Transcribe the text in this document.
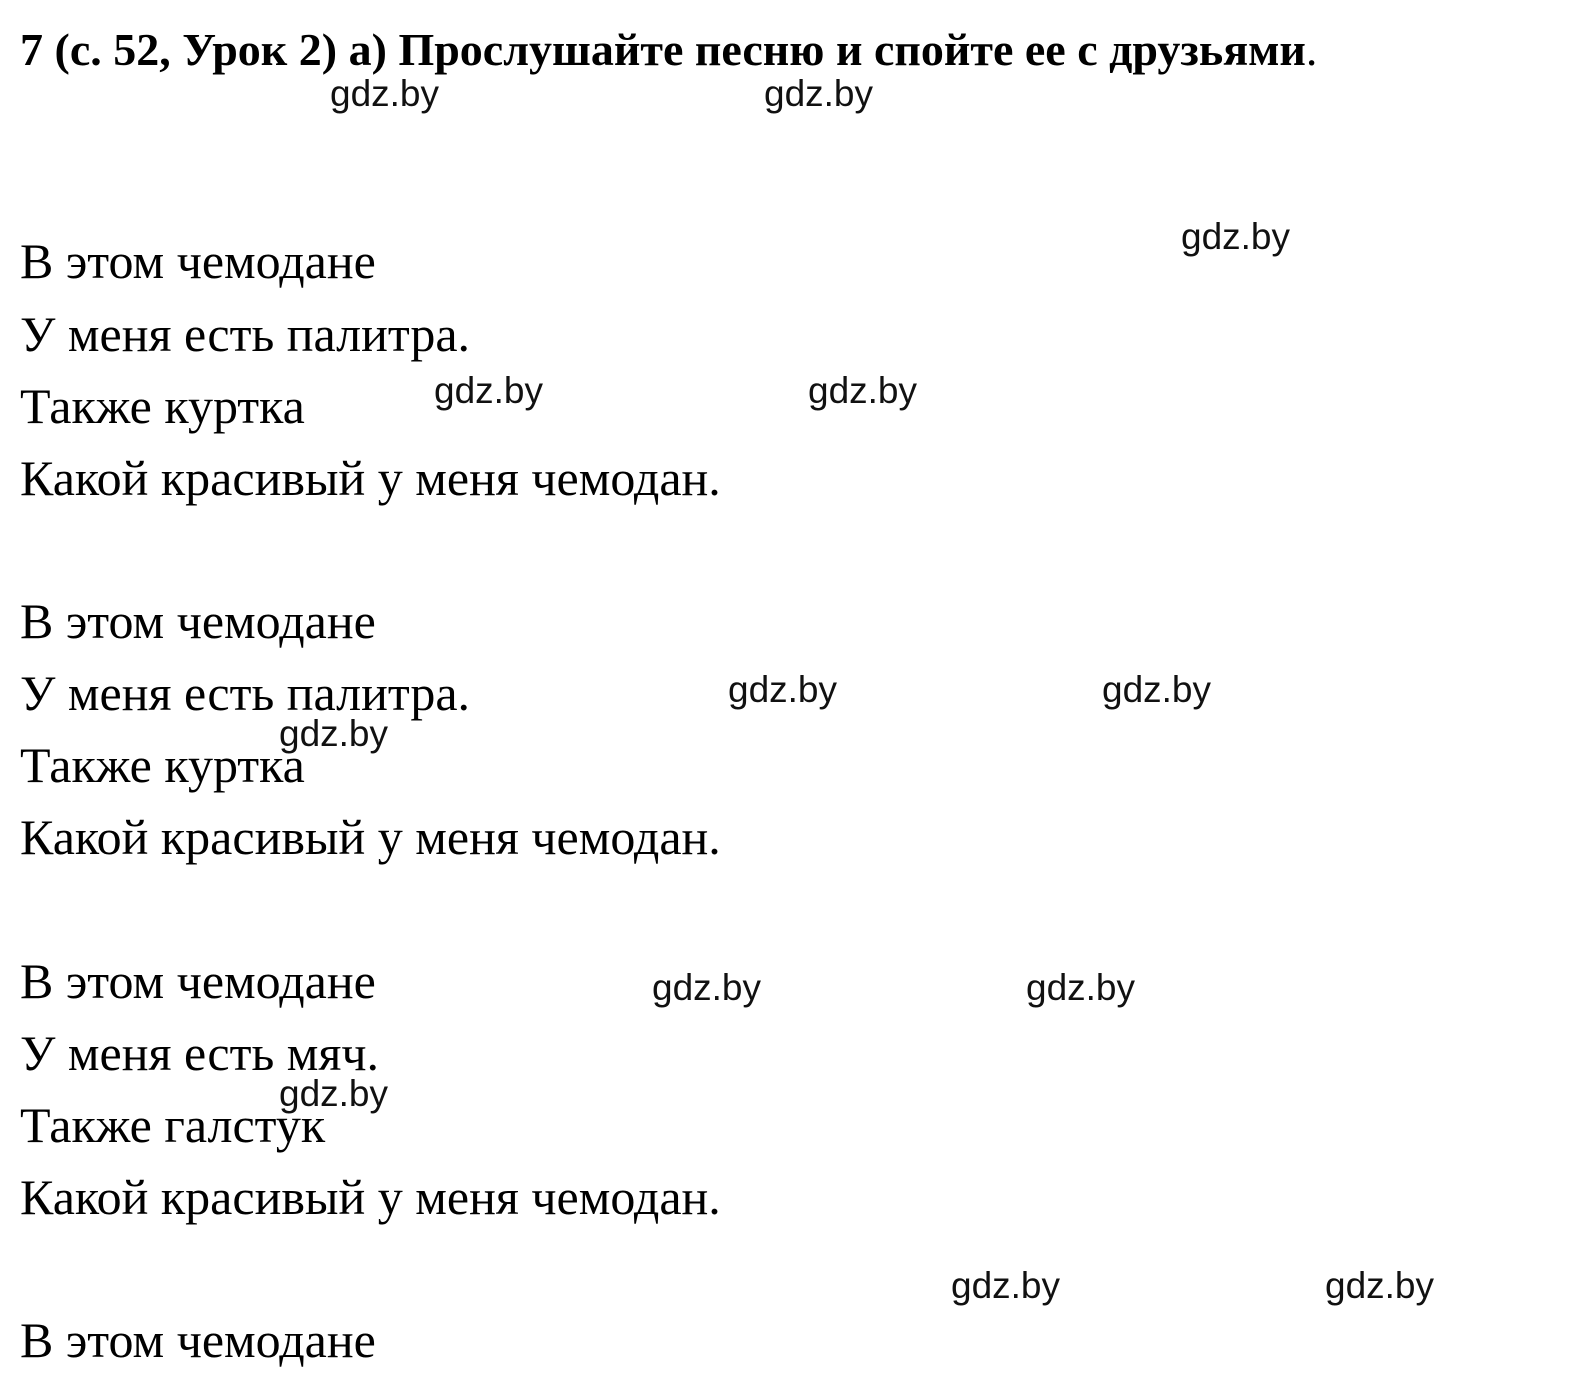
7 (с. 52, Урок 2) а) Прослушайте песню и спойте ее с друзьями.

В этом чемодане

У меня есть палитра.

Также куртка

Какой красивый у меня чемодан.

В этом чемодане

У меня есть палитра.

Также куртка

Какой красивый у меня чемодан.

В этом чемодане

У меня есть мяч.

Также галстук

Какой красивый у меня чемодан.

В этом чемодане

gdz.by	gdz.by
gdz.by
gdz.by	gdz.by
gdz.by	gdz.by
gdz.by
gdz.by	gdz.by
gdz.by
gdz.by	gdz.by
